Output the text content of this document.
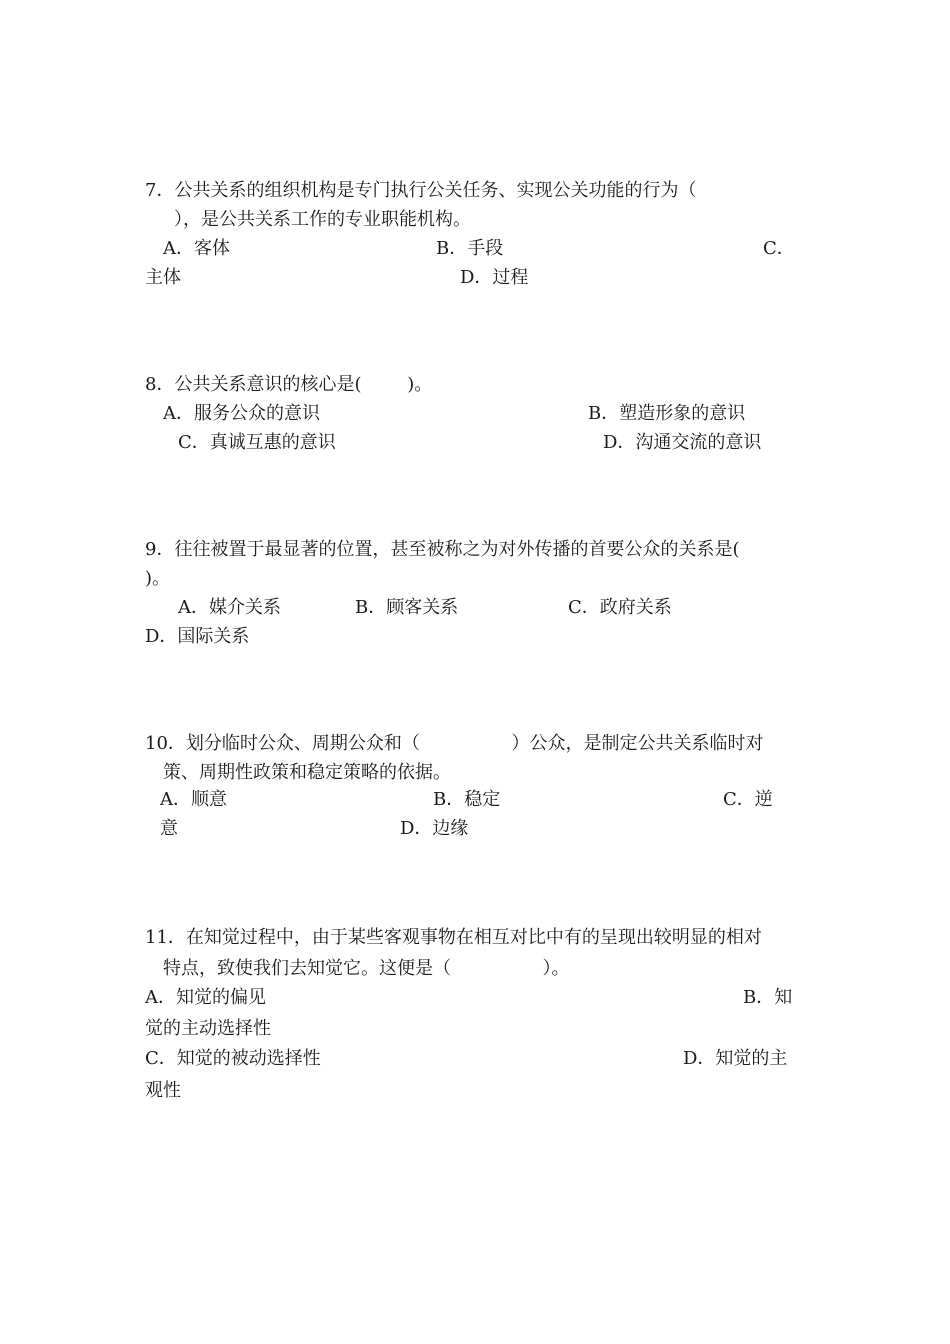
7．公共关系的组织机构是专门执行公关任务、实现公关功能的行为（
），是公共关系工作的专业职能机构。
A．客体	B．手段	C．
主体	D．过程
8．公共关系意识的核心是(        )。
A．服务公众的意识	B．塑造形象的意识
C．真诚互惠的意识	D．沟通交流的意识
9．往往被置于最显著的位置，甚至被称之为对外传播的首要公众的关系是(
)。
A．媒介关系	B．顾客关系	C．政府关系
D．国际关系
10．划分临时公众、周期公众和（                ）公众，是制定公共关系临时对
策、周期性政策和稳定策略的依据。
A．顺意	B．稳定	C．逆
意	D．边缘
11．在知觉过程中，由于某些客观事物在相互对比中有的呈现出较明显的相对
特点，致使我们去知觉它。这便是（                ）。
A．知觉的偏见	B．知
觉的主动选择性
C．知觉的被动选择性	D．知觉的主
观性
